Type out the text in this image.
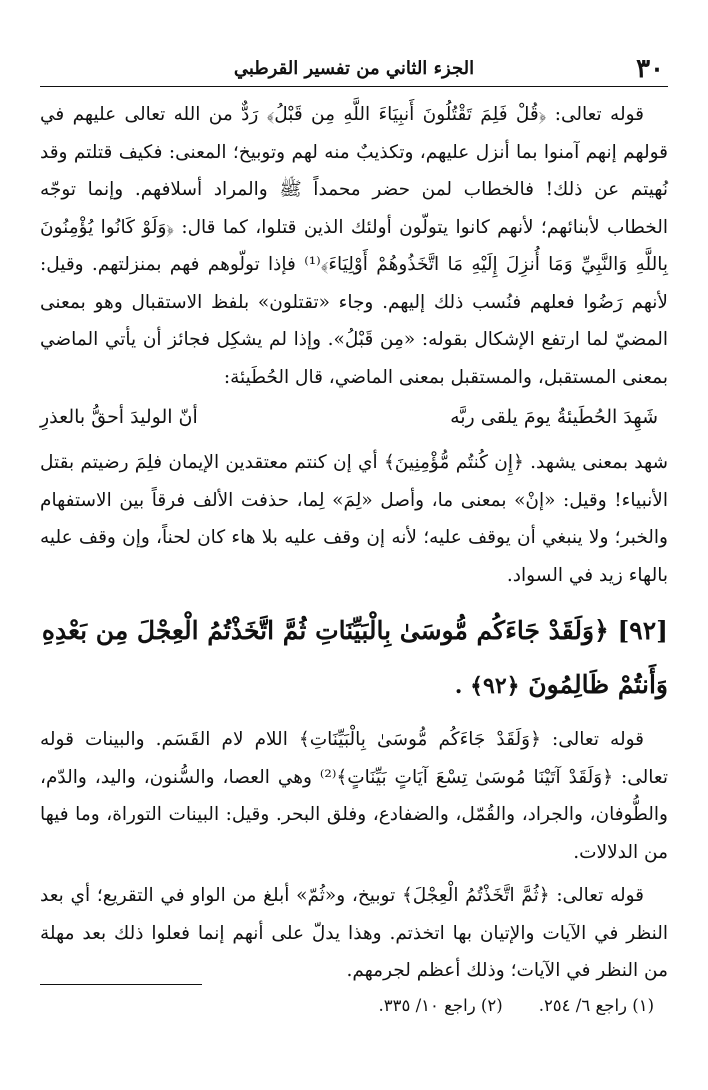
٣٠
الجزء الثاني من تفسير القرطبي

قوله تعالى: ﴿قُلْ فَلِمَ تَقْتُلُونَ أَنبِيَاءَ اللَّهِ مِن قَبْلُ﴾ رَدٌّ من الله تعالى عليهم في قولهم إنهم آمنوا بما أنزل عليهم، وتكذيبٌ منه لهم وتوبيخ؛ المعنى: فكيف قتلتم وقد نُهيتم عن ذلك! فالخطاب لمن حضر محمداً ﷺ والمراد أسلافهم. وإنما توجّه الخطاب لأبنائهم؛ لأنهم كانوا يتولّون أولئك الذين قتلوا، كما قال: ﴿وَلَوْ كَانُوا يُؤْمِنُونَ بِاللَّهِ وَالنَّبِيِّ وَمَا أُنزِلَ إِلَيْهِ مَا اتَّخَذُوهُمْ أَوْلِيَاءَ﴾⁽¹⁾ فإذا تولّوهم فهم بمنزلتهم. وقيل: لأنهم رَضُوا فعلهم فنُسب ذلك إليهم. وجاء «تقتلون» بلفظ الاستقبال وهو بمعنى المضيّ لما ارتفع الإشكال بقوله: «مِن قَبْلُ». وإذا لم يشكِل فجائز أن يأتي الماضي بمعنى المستقبل، والمستقبل بمعنى الماضي، قال الحُطَيئة:

شَهِدَ الحُطَيئةُ يومَ يلقى ربَّه
أنّ الوليدَ أحقُّ بالعذرِ

شهد بمعنى يشهد. ﴿إِن كُنتُم مُّؤْمِنِينَ﴾ أي إن كنتم معتقدين الإيمان فلِمَ رضيتم بقتل الأنبياء! وقيل: «إنْ» بمعنى ما، وأصل «لِمَ» لِما، حذفت الألف فرقاً بين الاستفهام والخبر؛ ولا ينبغي أن يوقف عليه؛ لأنه إن وقف عليه بلا هاء كان لحناً، وإن وقف عليه بالهاء زيد في السواد.

[٩٢] ﴿وَلَقَدْ جَاءَكُم مُّوسَىٰ بِالْبَيِّنَاتِ ثُمَّ اتَّخَذْتُمُ الْعِجْلَ مِن بَعْدِهِ وَأَنتُمْ ظَالِمُونَ ﴿٩٢﴾ .

قوله تعالى: ﴿وَلَقَدْ جَاءَكُم مُّوسَىٰ بِالْبَيِّنَاتِ﴾ اللام لام القَسَم. والبينات قوله تعالى: ﴿وَلَقَدْ آتَيْنَا مُوسَىٰ تِسْعَ آيَاتٍ بَيِّنَاتٍ﴾⁽²⁾ وهي العصا، والسُّنون، واليد، والدّم، والطُّوفان، والجراد، والقُمّل، والضفادع، وفلق البحر. وقيل: البينات التوراة، وما فيها من الدلالات.

قوله تعالى: ﴿ثُمَّ اتَّخَذْتُمُ الْعِجْلَ﴾ توبيخ، و«ثُمّ» أبلغ من الواو في التقريع؛ أي بعد النظر في الآيات والإتيان بها اتخذتم. وهذا يدلّ على أنهم إنما فعلوا ذلك بعد مهلة من النظر في الآيات؛ وذلك أعظم لجرمهم.

(١) راجع ٦/ ٢٥٤.
(٢) راجع ١٠/ ٣٣٥.
